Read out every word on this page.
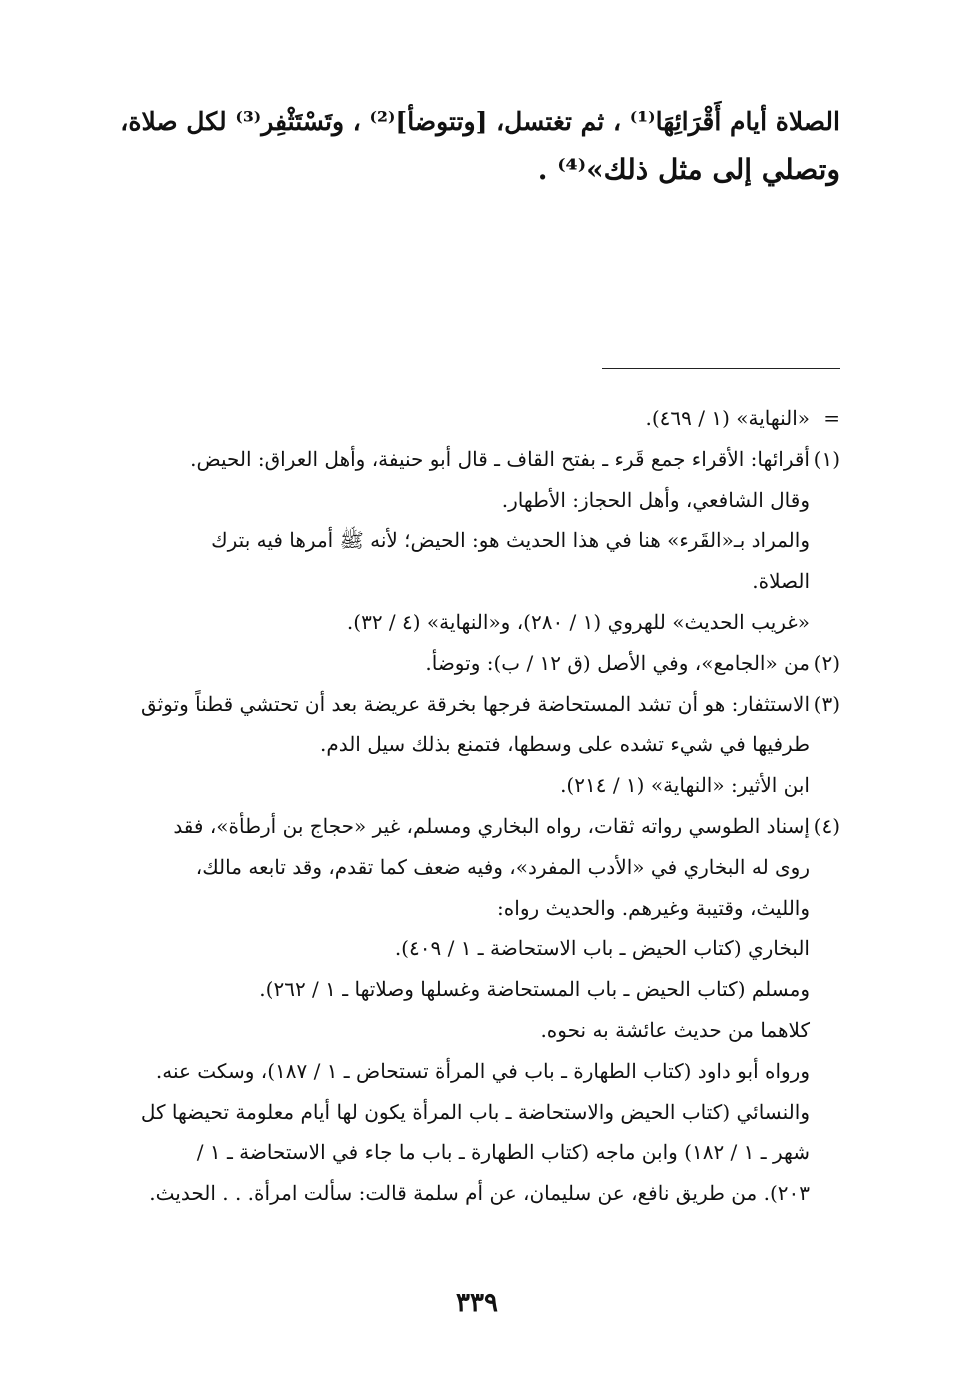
الصلاة أيام أَقْرَائِهَا⁽¹⁾ ، ثم تغتسل، [وتتوضأ]⁽²⁾ ، وتَسْتَثْفِر⁽³⁾ لكل صلاة،
وتصلي إلى مثل ذلك»⁽⁴⁾ .
=
«النهاية» (١ / ٤٦٩).
(١)
أقرائها: الأقراء جمع قَرء ـ بفتح القاف ـ قال أبو حنيفة، وأهل العراق: الحيض.
وقال الشافعي، وأهل الحجاز: الأطهار.
والمراد بـ«القَرء» هنا في هذا الحديث هو: الحيض؛ لأنه ﷺ أمرها فيه بترك
الصلاة.
«غريب الحديث» للهروي (١ / ٢٨٠)، و«النهاية» (٤ / ٣٢).
(٢)
من «الجامع»، وفي الأصل (ق ١٢ / ب): وتوضأ.
(٣)
الاستثفار: هو أن تشد المستحاضة فرجها بخرقة عريضة بعد أن تحتشي قطناً وتوثق
طرفيها في شيء تشده على وسطها، فتمنع بذلك سيل الدم.
ابن الأثير: «النهاية» (١ / ٢١٤).
(٤)
إسناد الطوسي رواته ثقات، رواه البخاري ومسلم، غير «حجاج بن أرطأة»، فقد
روى له البخاري في «الأدب المفرد»، وفيه ضعف كما تقدم، وقد تابعه مالك،
والليث، وقتيبة وغيرهم. والحديث رواه:
البخاري (كتاب الحيض ـ باب الاستحاضة ـ ١ / ٤٠٩).
ومسلم (كتاب الحيض ـ باب المستحاضة وغسلها وصلاتها ـ ١ / ٢٦٢).
كلاهما من حديث عائشة به نحوه.
ورواه أبو داود (كتاب الطهارة ـ باب في المرأة تستحاض ـ ١ / ١٨٧)، وسكت عنه.
والنسائي (كتاب الحيض والاستحاضة ـ باب المرأة يكون لها أيام معلومة تحيضها كل
شهر ـ ١ / ١٨٢) وابن ماجه (كتاب الطهارة ـ باب ما جاء في الاستحاضة ـ ١ /
٢٠٣). من طريق نافع، عن سليمان، عن أم سلمة قالت: سألت امرأة. . . الحديث.
٣٣٩
